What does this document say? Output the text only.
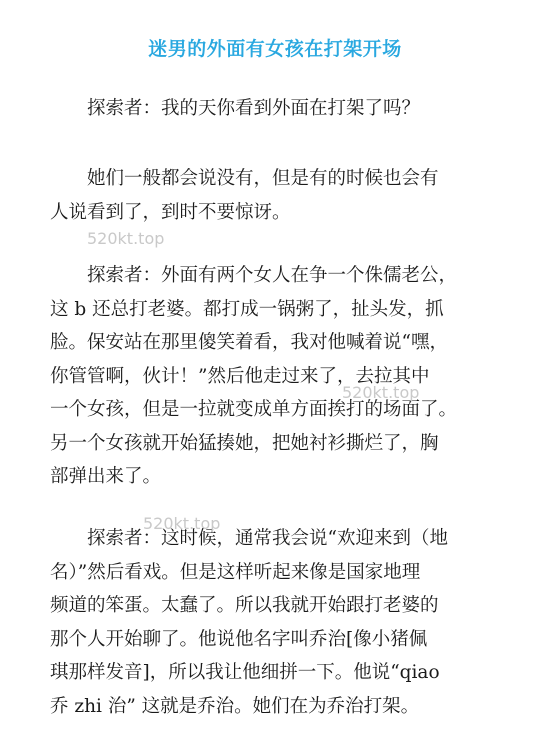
迷男的外面有女孩在打架开场
　　探索者：我的天你看到外面在打架了吗？
　　她们一般都会说没有，但是有的时候也会有
人说看到了，到时不要惊讶。
　　探索者：外面有两个女人在争一个侏儒老公，
这 b 还总打老婆。都打成一锅粥了，扯头发，抓
脸。保安站在那里傻笑着看，我对他喊着说“嘿，
你管管啊，伙计！”然后他走过来了，去拉其中
一个女孩，但是一拉就变成单方面挨打的场面了。
另一个女孩就开始猛揍她，把她衬衫撕烂了，胸
部弹出来了。
　　探索者：这时候，通常我会说“欢迎来到（地
名）”然后看戏。但是这样听起来像是国家地理
频道的笨蛋。太蠢了。所以我就开始跟打老婆的
那个人开始聊了。他说他名字叫乔治[像小猪佩
琪那样发音]，所以我让他细拼一下。他说“qiao
乔 zhi 治” 这就是乔治。她们在为乔治打架。
520kt.top
520kt.top
520kt.top
